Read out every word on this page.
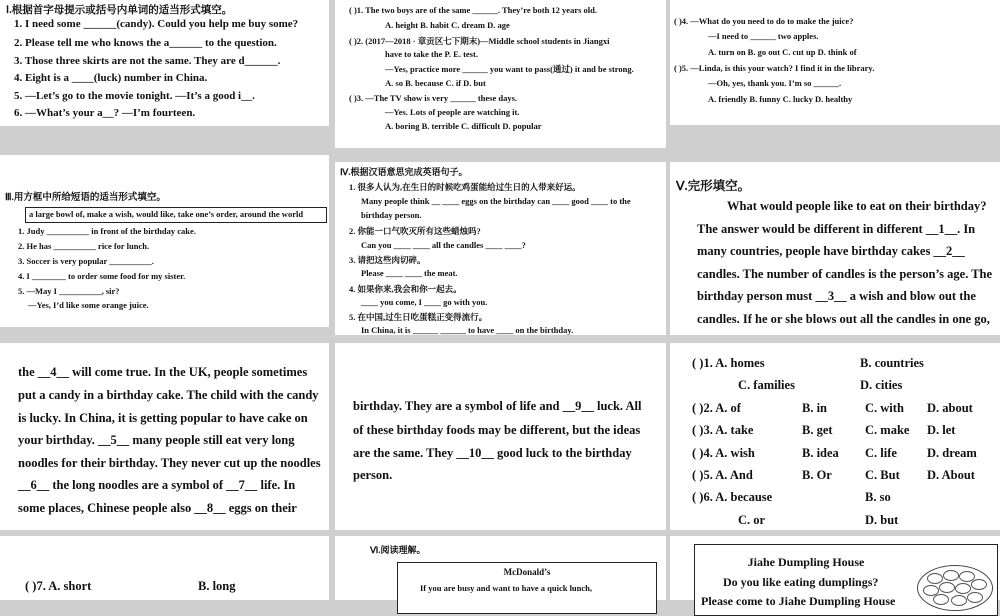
Ⅰ.根据首字母提示或括号内单词的适当形式填空。
1. I need some ______(candy). Could you help me buy some?
2. Please tell me who knows the a______ to the question.
3. Those three skirts are not the same. They are d______.
4. Eight is a ____(luck) number in China.
5. —Let’s go to the movie tonight. —It’s a good i__.
6. —What’s your a__? —I’m fourteen.
( )1. The two boys are of the same ______. They’re both 12 years old.
A. height B. habit C. dream D. age
( )2. (2017—2018 · 章贡区七下期末)—Middle school students in Jiangxi
have to take the P. E. test.
—Yes, practice more ______ you want to pass(通过) it and be strong.
A. so B. because C. if D. but
( )3. —The TV show is very ______ these days.
—Yes. Lots of people are watching it.
A. boring B. terrible C. difficult D. popular
( )4. —What do you need to do to make the juice?
—I need to ______ two apples.
A. turn on B. go out C. cut up D. think of
( )5. —Linda, is this your watch? I find it in the library.
—Oh, yes, thank you. I’m so ______.
A. friendly B. funny C. lucky D. healthy
Ⅲ.用方框中所给短语的适当形式填空。
a large bowl of, make a wish, would like, take one’s order, around the world
1. Judy __________ in front of the birthday cake.
2. He has __________ rice for lunch.
3. Soccer is very popular __________.
4. I ________ to order some food for my sister.
5. —May I __________, sir?
—Yes, I’d like some orange juice.
Ⅳ.根据汉语意思完成英语句子。
1. 很多人认为,在生日的时候吃鸡蛋能给过生日的人带来好运。
Many people think __ ____ eggs on the birthday can ____ good ____ to the
birthday person.
2. 你能一口气吹灭所有这些蜡烛吗?
Can you ____ ____ all the candles ____ ____?
3. 请把这些肉切碎。
Please ____ ____ the meat.
4. 如果你来,我会和你一起去。
____ you come, I ____ go with you.
5. 在中国,过生日吃蛋糕正变得流行。
In China, it is ______ ______ to have ____ on the birthday.
Ⅴ.完形填空。
What would people like to eat on their birthday?
The answer would be different in different __1__. In
many countries, people have birthday cakes __2__
candles. The number of candles is the person’s age. The
birthday person must __3__ a wish and blow out the
candles. If he or she blows out all the candles in one go,
the __4__ will come true. In the UK, people sometimes
put a candy in a birthday cake. The child with the candy
is lucky. In China, it is getting popular to have cake on
your birthday. __5__ many people still eat very long
noodles for their birthday. They never cut up the noodles
__6__ the long noodles are a symbol of __7__ life. In
some places, Chinese people also __8__ eggs on their
birthday. They are a symbol of life and __9__ luck. All
of these birthday foods may be different, but the ideas
are the same. They __10__ good luck to the birthday
person.
( )1. A. homes	B. countries
C. families	D. cities
( )2. A. of	B. in	C. with D. about
( )3. A. take	B. get	C. make D. let
( )4. A. wish	B. idea C. life D. dream
( )5. A. And	B. Or	C. But D. About
( )6. A. because	B. so
C. or	D. but
( )7. A. short	B. long
Ⅵ.阅读理解。
McDonald’s
If you are busy and want to have a quick lunch,
Jiahe Dumpling House
Do you like eating dumplings?
Please come to Jiahe Dumpling House
